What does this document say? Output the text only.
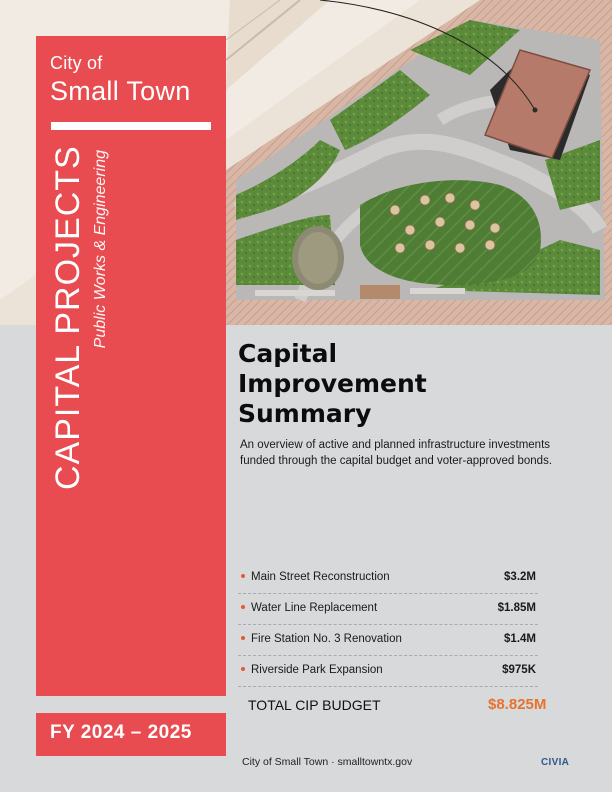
City of
Small Town
CAPITAL PROJECTS Public Works & Engineering
FY 2024 – 2025
Capital
Improvement
Summary
An overview of active and planned infrastructure investments funded through the capital budget and voter-approved bonds.
Main Street Reconstruction	$3.2M
Water Line Replacement	$1.85M
Fire Station No. 3 Renovation	$1.4M
Riverside Park Expansion	$975K
TOTAL CIP BUDGET	$8.825M
City of Small Town · smalltowntx.gov	CIVIA
